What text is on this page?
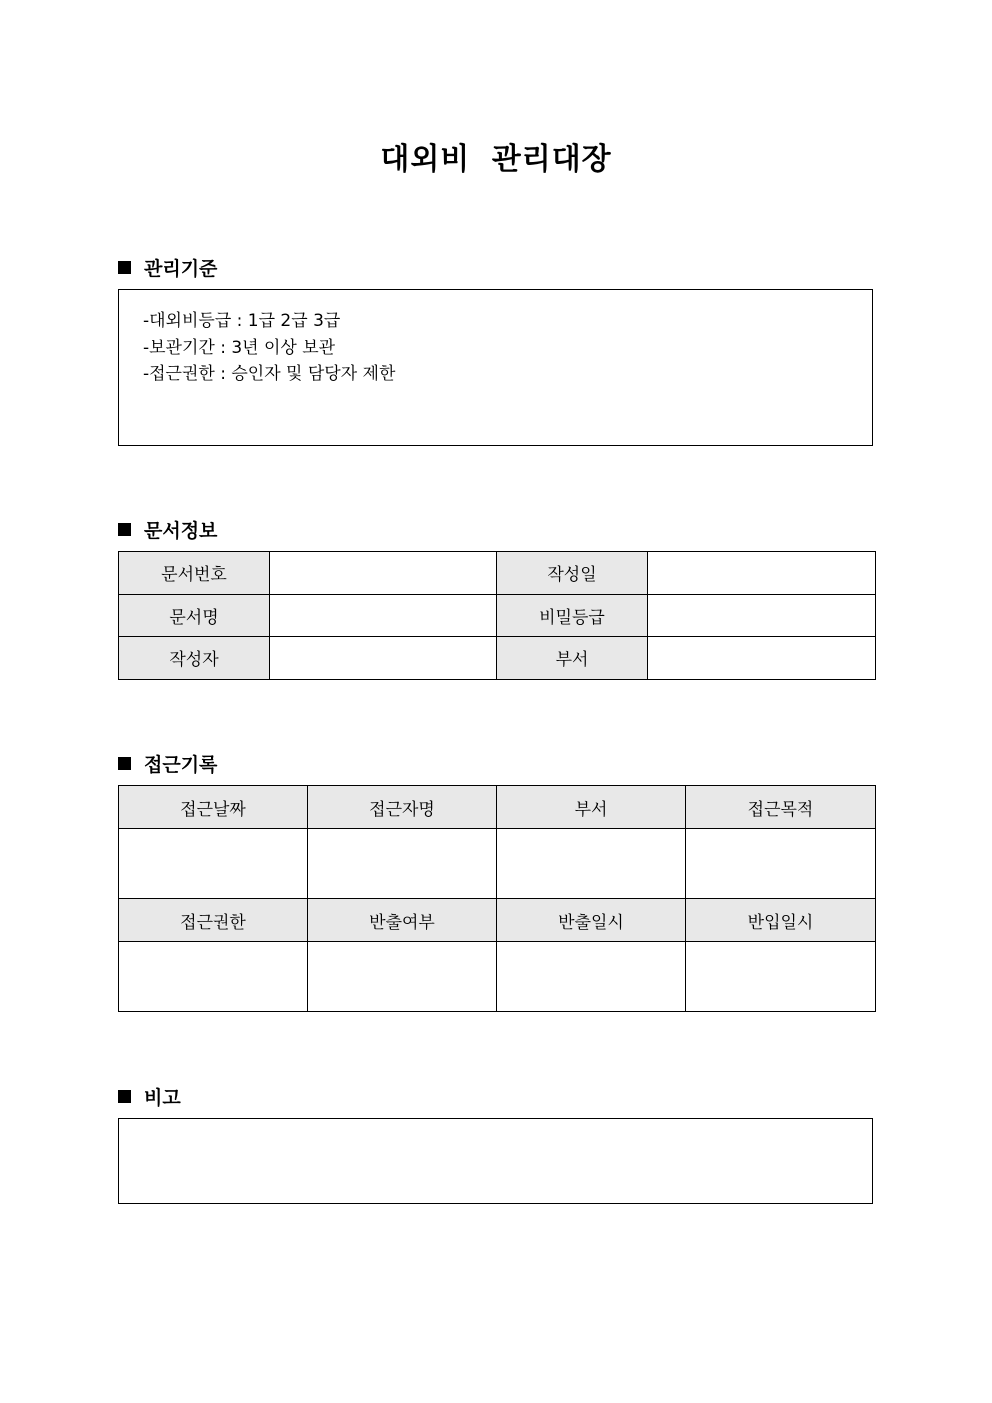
대외비 관리대장
관리기준
-대외비등급 : 1급 2급 3급
-보관기간 : 3년 이상 보관
-접근권한 : 승인자 및 담당자 제한
문서정보
문서번호		작성일	
문서명		비밀등급	
작성자		부서	
접근기록
접근날짜	접근자명	부서	접근목적

접근권한	반출여부	반출일시	반입일시

비고
